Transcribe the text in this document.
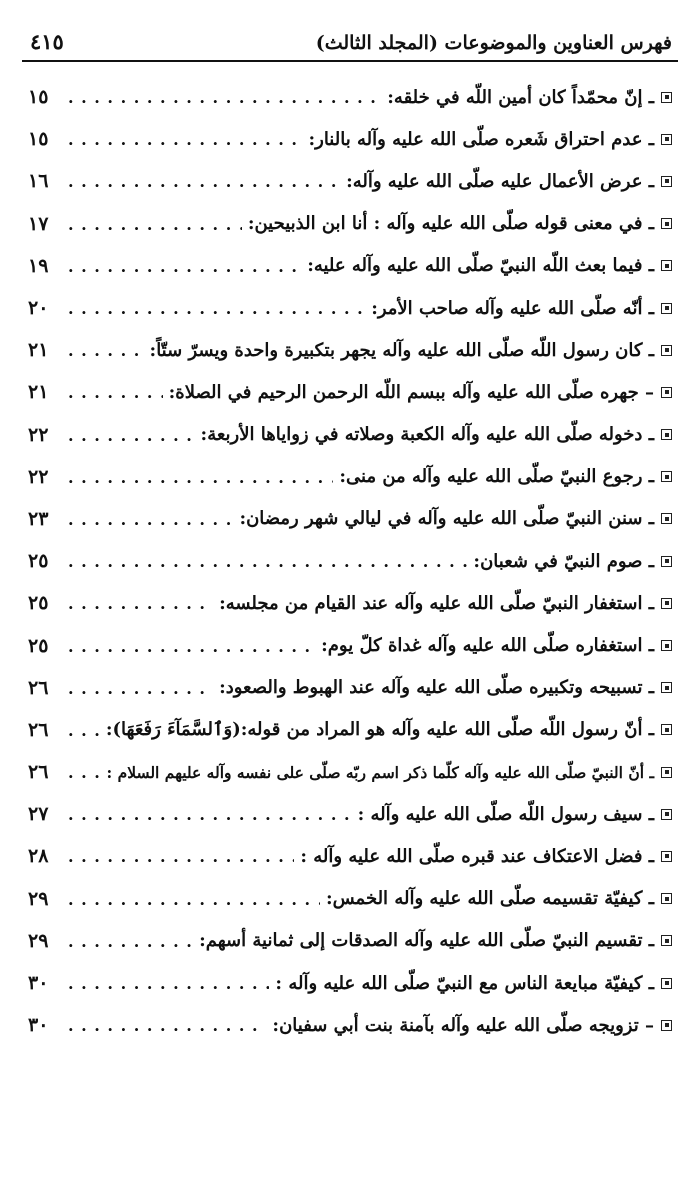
فهرس العناوين والموضوعات (المجلد الثالث)
٤١٥
ـ إنّ محمّداً كان أمين اللّه في خلقه:
. . .
١٥
ـ عدم احتراق شَعره صلّی الله علیه وآله بالنار:
. . .
١٥
ـ عرض الأعمال عليه صلّی الله علیه وآله:
. . .
١٦
ـ في معنى قوله صلّی الله علیه وآله : أنا ابن الذبيحين:
. . .
١٧
ـ فيما بعث اللّه النبيّ صلّی الله علیه وآله عليه:
. . .
١٩
ـ أنّه صلّی الله علیه وآله صاحب الأمر:
. . .
٢٠
ـ كان رسول اللّه صلّی الله علیه وآله يجهر بتكبيرة واحدة ويسرّ ستّاً:
. . .
٢١
– جهره صلّی الله علیه وآله ببسم اللّه الرحمن الرحيم في الصلاة:
. . .
٢١
ـ دخوله صلّی الله علیه وآله الكعبة وصلاته في زواياها الأربعة:
. . .
٢٢
ـ رجوع النبيّ صلّی الله علیه وآله من منى:
. . .
٢٢
ـ سنن النبيّ صلّی الله علیه وآله في ليالي شهر رمضان:
. . .
٢٣
ـ صوم النبيّ في شعبان:
. . .
٢٥
ـ استغفار النبيّ صلّی الله علیه وآله عند القيام من مجلسه:
. . .
٢٥
ـ استغفاره صلّی الله علیه وآله غداة كلّ يوم:
. . .
٢٥
ـ تسبيحه وتكبيره صلّی الله علیه وآله عند الهبوط والصعود:
. . .
٢٦
ـ أنّ رسول اللّه صلّی الله علیه وآله هو المراد من قوله:(وَٱلسَّمَآءَ رَفَعَهَا):
. . .
٢٦
ـ أنّ النبيّ صلّی الله علیه وآله كلّما ذكر اسم ربّه صلّى على نفسه وآله علیهم السلام :
. . .
٢٦
ـ سيف رسول اللّه صلّی الله علیه وآله :
. . .
٢٧
ـ فضل الاعتكاف عند قبره صلّی الله علیه وآله :
. . .
٢٨
ـ كيفيّة تقسيمه صلّی الله علیه وآله الخمس:
. . .
٢٩
ـ تقسيم النبيّ صلّی الله علیه وآله الصدقات إلى ثمانية أسهم:
. . .
٢٩
ـ كيفيّة مبايعة الناس مع النبيّ صلّی الله علیه وآله :
. . .
٣٠
– تزويجه صلّی الله علیه وآله بآمنة بنت أبي سفيان:
. . .
٣٠
